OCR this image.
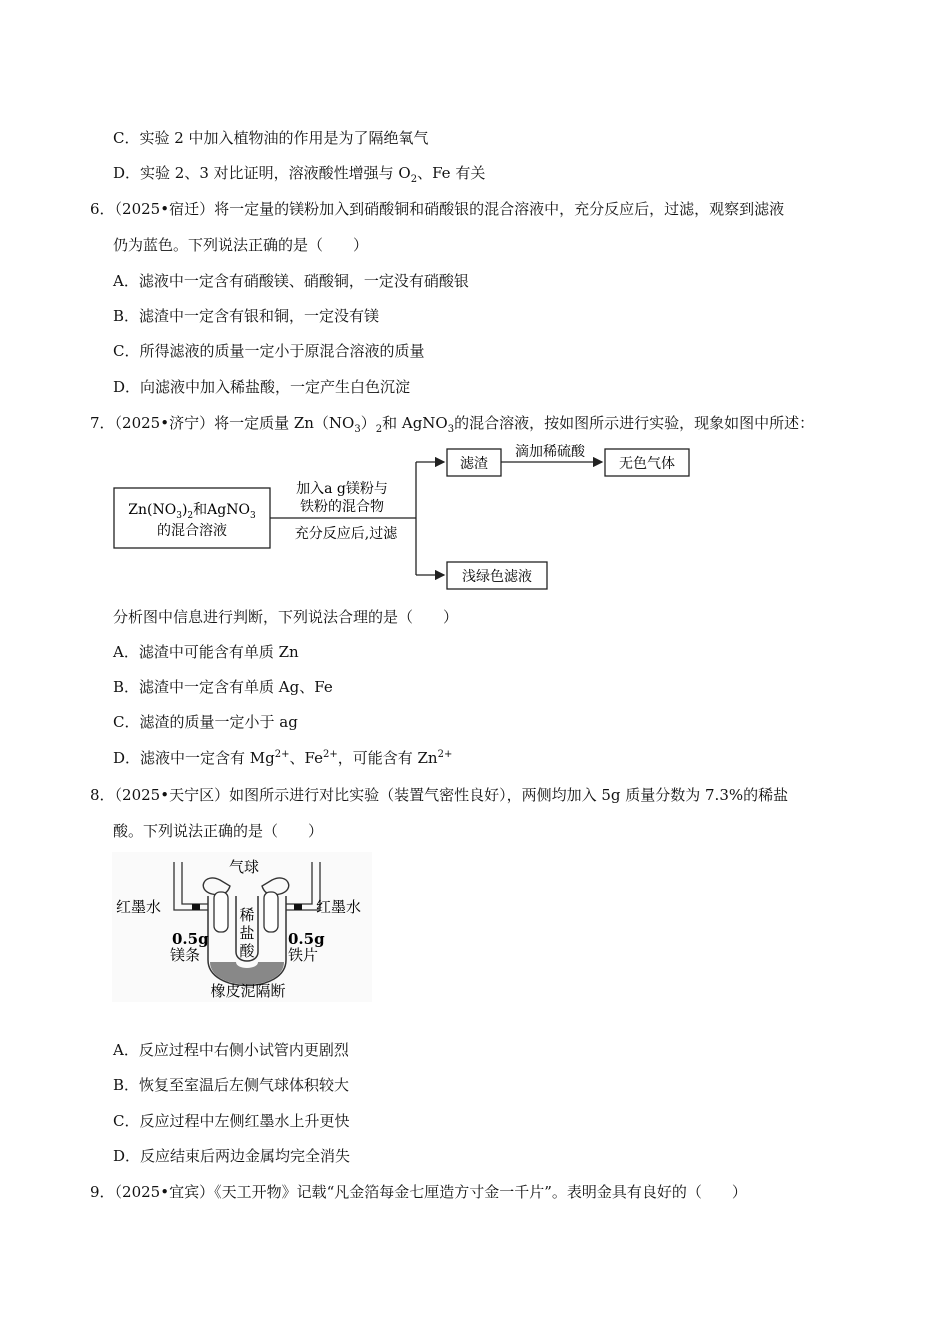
C．实验 2 中加入植物油的作用是为了隔绝氧气
D．实验 2、3 对比证明，溶液酸性增强与 $O_2$、Fe 有关
6．（2025•宿迁）将一定量的镁粉加入到硝酸铜和硝酸银的混合溶液中，充分反应后，过滤，观察到滤液
仍为蓝色。下列说法正确的是（　　）
A．滤液中一定含有硝酸镁、硝酸铜，一定没有硝酸银
B．滤渣中一定含有银和铜，一定没有镁
C．所得滤液的质量一定小于原混合溶液的质量
D．向滤液中加入稀盐酸，一定产生白色沉淀
7．（2025•济宁）将一定质量 $Zn(NO_3)_2$和 AgNO$_3$的混合溶液，按如图所示进行实验，现象如图中所述：
$Zn(NO_3)_2$和AgNO$_3$
的混合溶液
加入a g镁粉与
铁粉的混合物
充分反应后,过滤
滤渣
滴加稀硫酸
无色气体
浅绿色滤液
分析图中信息进行判断，下列说法合理的是（　　）
A．滤渣中可能含有单质 Zn
B．滤渣中一定含有单质 Ag、Fe
C．滤渣的质量一定小于 ag
D．滤液中一定含有 $Mg^{2+}$、$Fe^{2+}$，可能含有 $Zn^{2+}$
8．（2025•天宁区）如图所示进行对比实验（装置气密性良好），两侧均加入 5g 质量分数为 7.3%的稀盐
酸。下列说法正确的是（　　）
气球
红墨水	红墨水
稀
盐
酸
0.5g
镁条
0.5g
铁片
橡皮泥隔断
A．反应过程中右侧小试管内更剧烈
B．恢复至室温后左侧气球体积较大
C．反应过程中左侧红墨水上升更快
D．反应结束后两边金属均完全消失
9．（2025•宜宾）《天工开物》记载“凡金箔每金七厘造方寸金一千片”。表明金具有良好的（　　）
